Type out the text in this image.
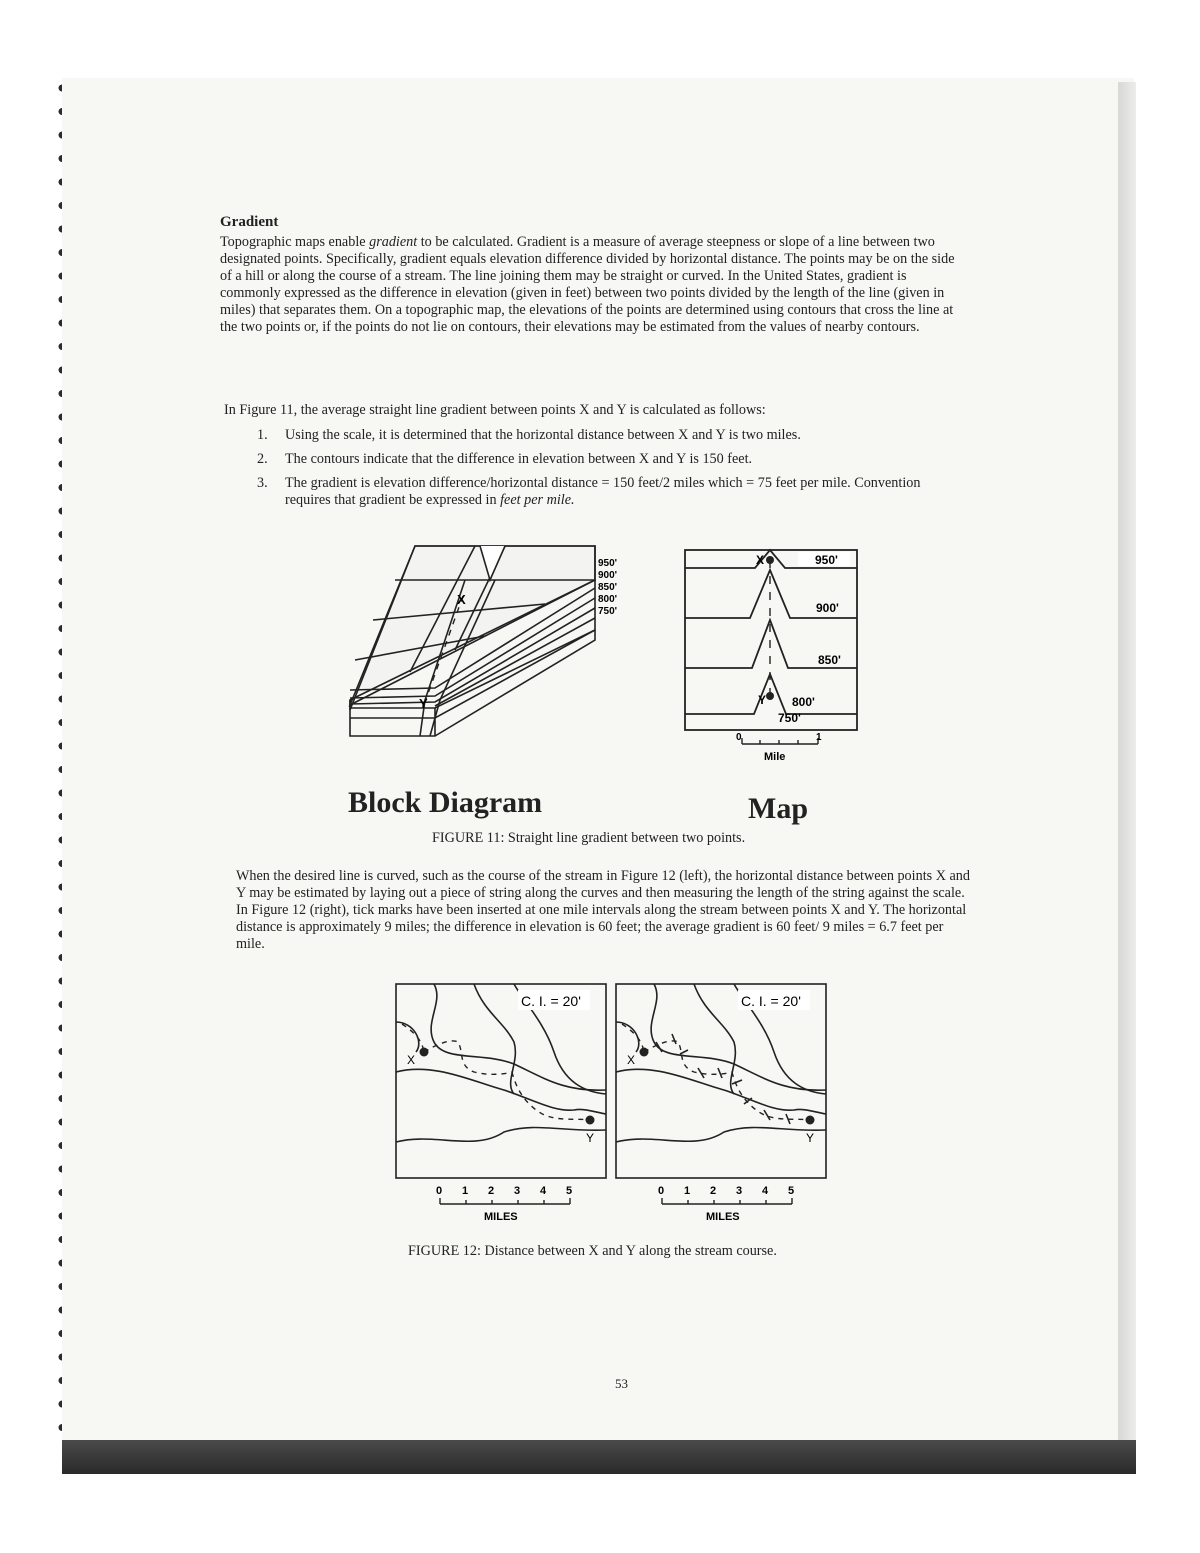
Gradient
Topographic maps enable gradient to be calculated. Gradient is a measure of average steepness or slope of a line between two designated points. Specifically, gradient equals elevation difference divided by horizontal distance. The points may be on the side of a hill or along the course of a stream. The line joining them may be straight or curved. In the United States, gradient is commonly expressed as the difference in elevation (given in feet) between two points divided by the length of the line (given in miles) that separates them. On a topographic map, the elevations of the points are determined using contours that cross the line at the two points or, if the points do not lie on contours, their elevations may be estimated from the values of nearby contours.
In Figure 11, the average straight line gradient between points X and Y is calculated as follows:
1. Using the scale, it is determined that the horizontal distance between X and Y is two miles.
2. The contours indicate that the difference in elevation between X and Y is 150 feet.
3. The gradient is elevation difference/horizontal distance = 150 feet/2 miles which = 75 feet per mile. Convention requires that gradient be expressed in feet per mile.
X
Y
950'
900'
850'
800'
750'
X
Y
950'
900'
850'
800'
750'
0	1
Mile
Block Diagram	Map
FIGURE 11: Straight line gradient between two points.
When the desired line is curved, such as the course of the stream in Figure 12 (left), the horizontal distance between points X and Y may be estimated by laying out a piece of string along the curves and then measuring the length of the string against the scale. In Figure 12 (right), tick marks have been inserted at one mile intervals along the stream between points X and Y. The horizontal distance is approximately 9 miles; the difference in elevation is 60 feet; the average gradient is 60 feet/ 9 miles = 6.7 feet per mile.
C. I. = 20'
X
Y
C. I. = 20'
X
Y
0 1 2 3 4 5
MILES
0 1 2 3 4 5
MILES
FIGURE 12: Distance between X and Y along the stream course.
53
